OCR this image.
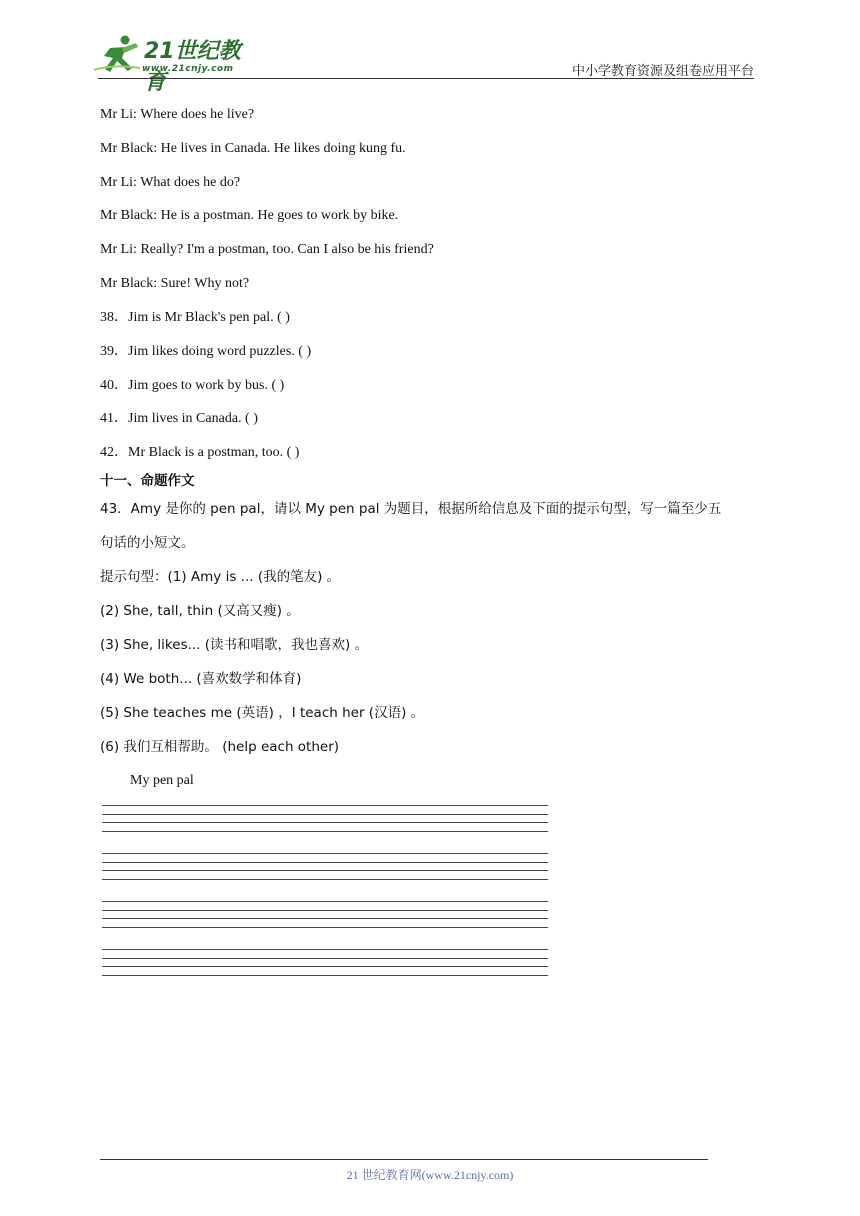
21世纪教育
www.21cnjy.com	中小学教育资源及组卷应用平台
Mr Li: Where does he live?
Mr Black: He lives in Canada. He likes doing kung fu.
Mr Li: What does he do?
Mr Black: He is a postman. He goes to work by bike.
Mr Li: Really? I'm a postman, too. Can I also be his friend?
Mr Black: Sure! Why not?
38．Jim is Mr Black's pen pal. ( )
39．Jim likes doing word puzzles. ( )
40．Jim goes to work by bus. ( )
41．Jim lives in Canada. ( )
42．Mr Black is a postman, too. ( )
十一、命题作文
43．Amy 是你的 pen pal，请以 My pen pal 为题目，根据所给信息及下面的提示句型，写一篇至少五
句话的小短文。
提示句型：(1) Amy is ... (我的笔友) 。
(2) She, tall, thin (又高又瘦) 。
(3) She, likes... (读书和唱歌，我也喜欢) 。
(4) We both... (喜欢数学和体育)
(5) She teaches me (英语) ，I teach her (汉语) 。
(6) 我们互相帮助。 (help each other)
My pen pal
21 世纪教育网(www.21cnjy.com)
